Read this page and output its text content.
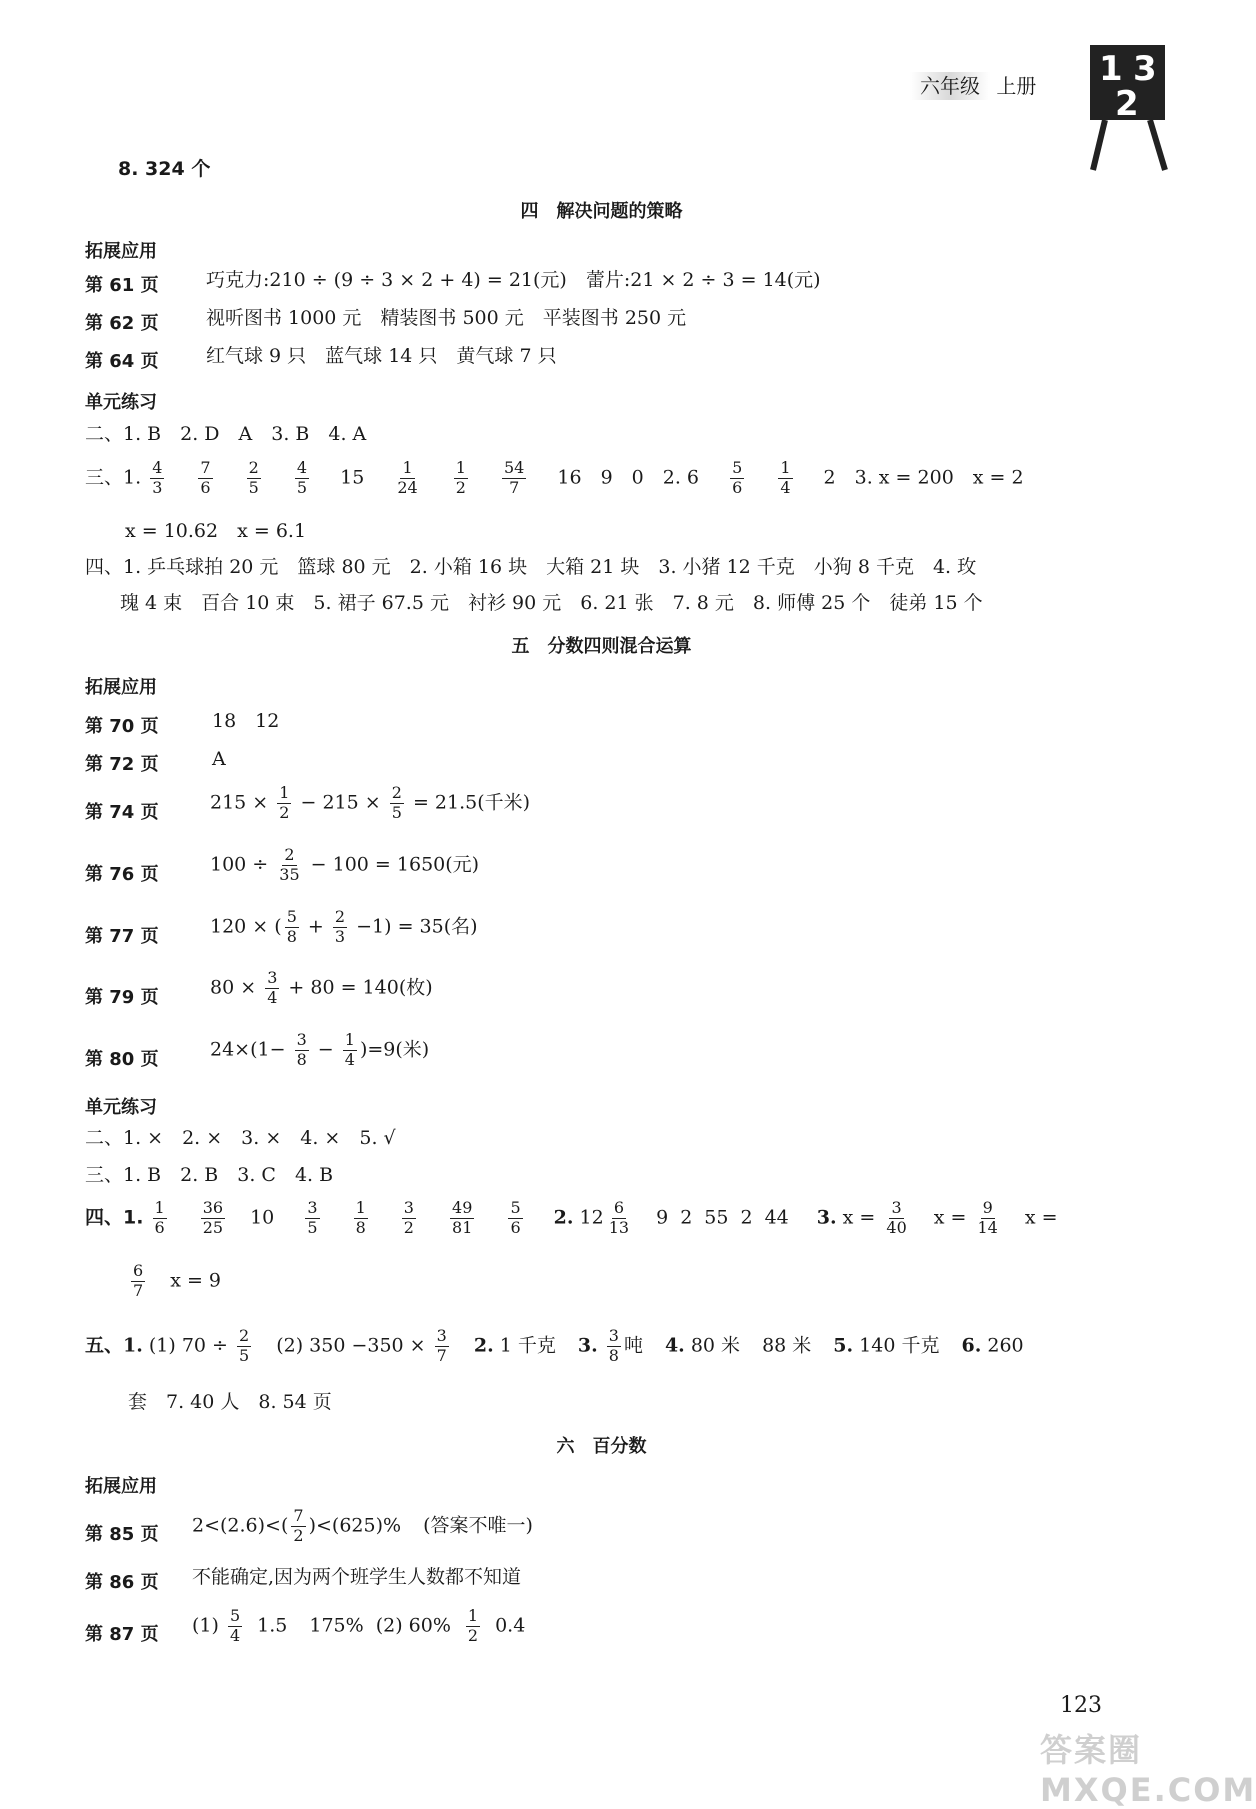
六年级 上册 1 3
2
8. 324 个
四　解决问题的策略
拓展应用
第 61 页 巧克力:210 ÷ (9 ÷ 3 × 2 + 4) = 21(元)　蕾片:21 × 2 ÷ 3 = 14(元)
第 62 页 视听图书 1000 元　精装图书 500 元　平装图书 250 元
第 64 页 红气球 9 只　蓝气球 14 只　黄气球 7 只
单元练习
二、1. B　2. D　A　3. B　4. A
三、1. $\frac{4}{3}$
$\frac{7}{6}$
$\frac{2}{5}$
$\frac{4}{5} 15 \frac{1}{24}$
$\frac{1}{2}$
$\frac{54}{7} 16$　9　0　2. $6 \frac{5}{6}$
$\frac{1}{4} 2$　3. x = 200　x = 2
x = 10.62　x = 6.1
四、1. 乒乓球拍 20 元　篮球 80 元　2. 小箱 16 块　大箱 21 块　3. 小猪 12 千克　小狗 8 千克　4. 玫
瑰 4 束　百合 10 束　5. 裙子 67.5 元　衬衫 90 元　6. 21 张　7. 8 元　8. 师傅 25 个　徒弟 15 个
五　分数四则混合运算
拓展应用
第 70 页	18　12
第 72 页	A
第 74 页	$215 \times \frac{1}{2} - 215 \times \frac{2}{5} = 21.5$(千米)
第 76 页	$100 \div \frac{2}{35} - 100 = 1650$(元)
第 77 页	120 × ( $\frac{5}{8} + \frac{2}{3} -1) = 35$(名)
第 79 页	$80 \times \frac{3}{4} + 80 = 140$(枚)
第 80 页	$24\times(1- \frac{3}{8} - \frac{1}{4} )=9$(米)
单元练习
二、1. ×　2. ×　3. ×　4. ×　5. √
三、1. B　2. B　3. C　4. B
四、1. $\frac{1}{6}$
$\frac{36}{25} 10 \frac{3}{5}$
$\frac{1}{8}$
$\frac{3}{2}$
$\frac{49}{81}$
$\frac{5}{6} 2$. $12 \frac{6}{13} 9$ 2 55 2 44 3. $x = \frac{3}{40}$ $x = \frac{9}{14}$ x =
$\frac{6}{7}$ x = 9
五、1. (1) $70 \div \frac{2}{5} (2)$ $350 -350 \times \frac{3}{7} 2$. 1 千克 3. $\frac{3}{8}$ 吨 4. 80 米 88 米 5. 140 千克 6. 260
套　7. 40 人　8. 54 页
六　百分数
拓展应用
第 85 页 $2<(2.6)<( \frac{7}{2} )<(625)\%$ (答案不唯一)
第 86 页 不能确定,因为两个班学生人数都不知道
第 87 页 $(1) \frac{5}{4} 1.5$ 175% (2) $60\% \frac{1}{2} 0.4$
123
答案圈 MXQE.COM
